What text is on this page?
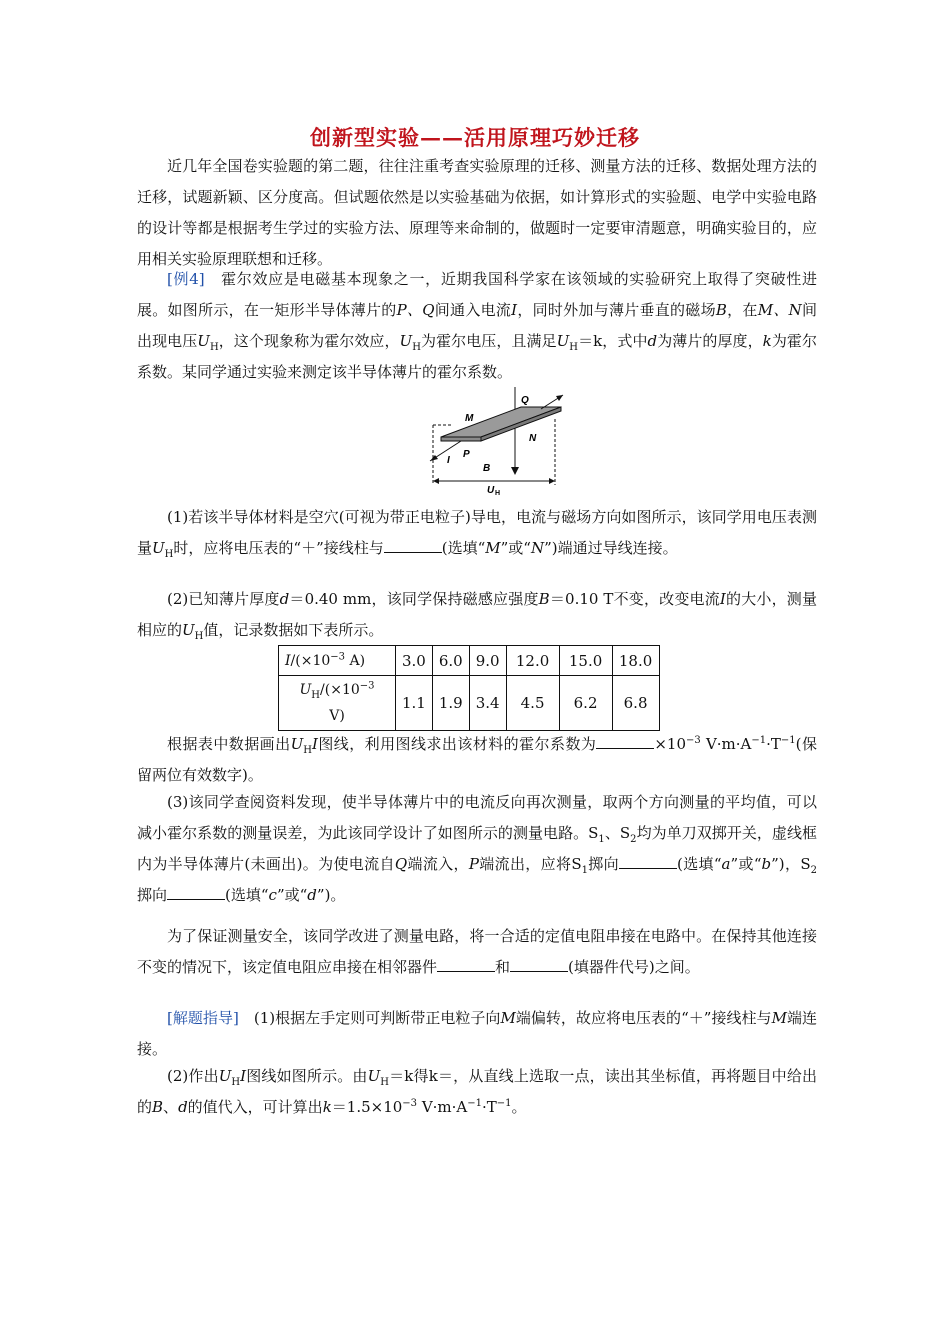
创新型实验——活用原理巧妙迁移
近几年全国卷实验题的第二题，往往注重考查实验原理的迁移、测量方法的迁移、数据处理方法的迁移，试题新颖、区分度高。但试题依然是以实验基础为依据，如计算形式的实验题、电学中实验电路的设计等都是根据考生学过的实验方法、原理等来命制的，做题时一定要审清题意，明确实验目的，应用相关实验原理联想和迁移。
[例4]　 霍尔效应是电磁基本现象之一，近期我国科学家在该领域的实验研究上取得了突破性进展。如图所示，在一矩形半导体薄片的P、Q间通入电流I，同时外加与薄片垂直的磁场B，在M、N间出现电压$U_H$，这个现象称为霍尔效应，$U_H$为霍尔电压，且满足$U_H=k$，式中d为薄片的厚度，k为霍尔系数。某同学通过实验来测定该半导体薄片的霍尔系数。
M
Q
N
P
I
B
U H
(1)若该半导体材料是空穴(可视为带正电粒子)导电，电流与磁场方向如图所示，该同学用电压表测量$U_H$时，应将电压表的“＋”接线柱与	(选填“M”或“N”)端通过导线连接。
(2)已知薄片厚度d＝0.40 mm，该同学保持磁感应强度B＝0.10 T不变，改变电流I的大小，测量相应的$U_H$值，记录数据如下表所示。
$I/(\times 10^{-3}$ A)	3.0	6.0	9.0	12.0	15.0	18.0
$U_H/(\times 10^{-3}$
V)	1.1	1.9	3.4	4.5	6.2	6.8
根据表中数据画出$U_HI$图线，利用图线求出该材料的霍尔系数为	$\times 10^{-3}$ $V\cdot m\cdot A^{-1}\cdot T^{-1}$(保留两位有效数字)。
(3)该同学查阅资料发现，使半导体薄片中的电流反向再次测量，取两个方向测量的平均值，可以减小霍尔系数的测量误差，为此该同学设计了如图所示的测量电路。$S_1$、$S_2$均为单刀双掷开关，虚线框内为半导体薄片(未画出)。为使电流自Q端流入，P端流出，应将$S_1$掷向	(选填“a”或“b”)，$S_2$掷向	(选填“c”或“d”)。
为了保证测量安全，该同学改进了测量电路，将一合适的定值电阻串接在电路中。在保持其他连接不变的情况下，该定值电阻应串接在相邻器件	和	(填器件代号)之间。
[解题指导]　 (1)根据左手定则可判断带正电粒子向M端偏转，故应将电压表的“＋”接线柱与M端连接。
(2)作出$U_HI$图线如图所示。由$U_H=k$得k＝，从直线上选取一点，读出其坐标值，再将题目中给出的B、d的值代入，可计算出$k=1.5\times 10^{-3}$ $V\cdot m\cdot A^{-1}\cdot T^{-1}$。
